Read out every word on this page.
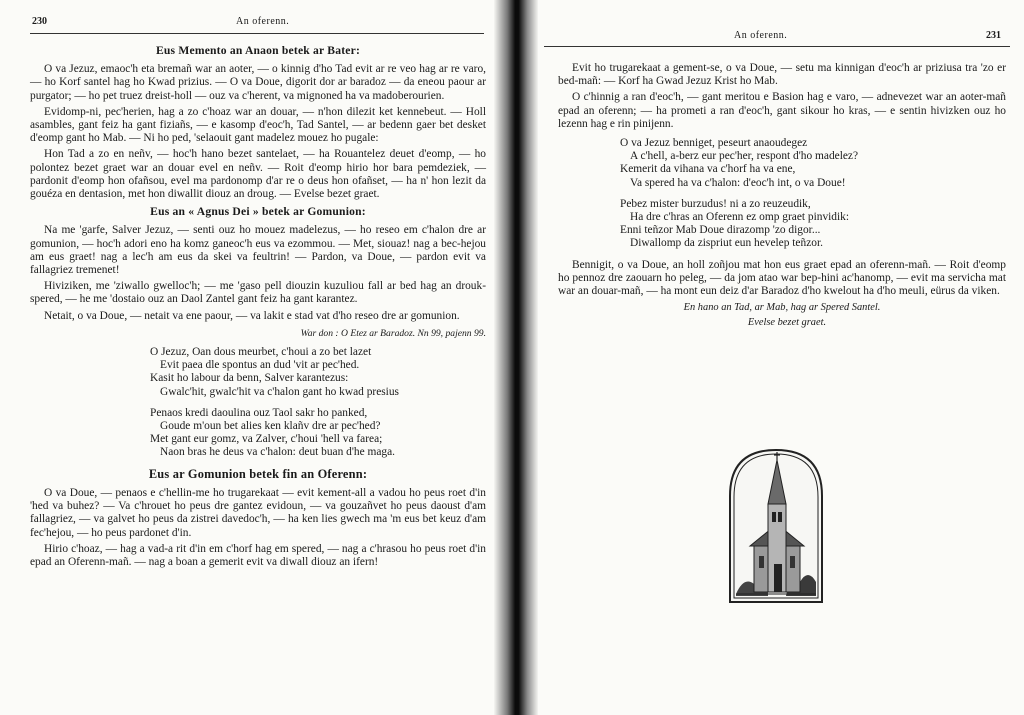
230	An oferenn.
Eus Memento an Anaon betek ar Bater:

O va Jezuz, emaoc'h eta bremañ war an aoter, — o kinnig d'ho Tad evit ar re veo hag ar re varo, — ho Korf santel hag ho Kwad prizius. — O va Doue, digorit dor ar baradoz — da eneou paour ar purgator; — ho pet truez dreist-holl — ouz va c'herent, va mignoned ha va madoberourien.

Evidomp-ni, pec'herien, hag a zo c'hoaz war an douar, — n'hon dilezit ket kennebeut. — Holl asambles, gant feiz ha gant fiziañs, — e kasomp d'eoc'h, Tad Santel, — ar bedenn gaer bet desket d'eomp gant ho Mab. — Ni ho ped, 'selaouit gant madelez mouez ho pugale:

Hon Tad a zo en neñv, — hoc'h hano bezet santelaet, — ha Rouantelez deuet d'eomp, — ho polontez bezet graet war an douar evel en neñv. — Roit d'eomp hirio hor bara pemdeziek, — pardonit d'eomp hon ofañsou, evel ma pardonomp d'ar re o deus hon ofañset, — ha n' hon lezit da gouéza en dentasion, met hon diwallit diouz an droug. — Evelse bezet graet.

Eus an « Agnus Dei » betek ar Gomunion:

Na me 'garfe, Salver Jezuz, — senti ouz ho mouez madelezus, — ho reseo em c'halon dre ar gomunion, — hoc'h adori eno ha komz ganeoc'h eus va ezommou. — Met, siouaz! nag a bec-hejou am eus graet! nag a lec'h am eus da skei va feultrin! — Pardon, va Doue, — pardon evit va fallagriez tremenet!

Hiviziken, me 'ziwallo gwelloc'h; — me 'gaso pell diouzin kuzuliou fall ar bed hag an drouk-spered, — he me 'dostaio ouz an Daol Zantel gant feiz ha gant karantez.

Netait, o va Doue, — netait va ene paour, — va lakit e stad vat d'ho reseo dre ar gomunion.

War don : O Etez ar Baradoz. Nn 99, pajenn 99.
O Jezuz, Oan dous meurbet, c'houi a zo bet lazet
Evit paea dle spontus an dud 'vit ar pec'hed.
Kasit ho labour da benn, Salver karantezus:
Gwalc'hit, gwalc'hit va c'halon gant ho kwad presius
Penaos kredi daoulina ouz Taol sakr ho panked,
Goude m'oun bet alies ken klañv dre ar pec'hed?
Met gant eur gomz, va Zalver, c'houi 'hell va farea;
Naon bras he deus va c'halon: deut buan d'he maga.
Eus ar Gomunion betek fin an Oferenn:

O va Doue, — penaos e c'hellin-me ho trugarekaat — evit kement-all a vadou ho peus roet d'in 'hed va buhez? — Va c'hrouet ho peus dre gantez evidoun, — va gouzañvet ho peus daoust d'am fallagriez, — va galvet ho peus da zistrei davedoc'h, — ha ken lies gwech ma 'm eus bet keuz d'am fec'hejou, — ho peus pardonet d'in.

Hirio c'hoaz, — hag a vad-a rit d'in em c'horf hag em spered, — nag a c'hrasou ho peus roet d'in epad an Oferenn-mañ. — nag a boan a gemerit evit va diwall diouz an ifern!

An oferenn.	231

Evit ho trugarekaat a gement-se, o va Doue, — setu ma kinnigan d'eoc'h ar priziusa tra 'zo er bed-mañ: — Korf ha Gwad Jezuz Krist ho Mab.

O c'hinnig a ran d'eoc'h, — gant meritou e Basion hag e varo, — adnevezet war an aoter-mañ epad an oferenn; — ha prometi a ran d'eoc'h, gant sikour ho kras, — e sentin hivizken ouz ho lezenn hag e rin pinijenn.

O va Jezuz benniget, peseurt anaoudegez
A c'hell, a-berz eur pec'her, respont d'ho madelez?
Kemerit da vihana va c'horf ha va ene,
Va spered ha va c'halon: d'eoc'h int, o va Doue!
Pebez mister burzudus! ni a zo reuzeudik,
Ha dre c'hras an Oferenn ez omp graet pinvidik:
Enni teñzor Mab Doue dirazomp 'zo digor...
Diwallomp da zispriut eun hevelep teñzor.

Bennigit, o va Doue, an holl zoñjou mat hon eus graet epad an oferenn-mañ. — Roit d'eomp ho pennoz dre zaouarn ho peleg, — da jom atao war bep-hini ac'hanomp, — evit ma servicha mat war an douar-mañ, — ha mont eun deiz d'ar Baradoz d'ho kwelout ha d'ho meuli, eürus da viken.

En hano an Tad, ar Mab, hag ar Spered Santel.
Evelse bezet graet.
